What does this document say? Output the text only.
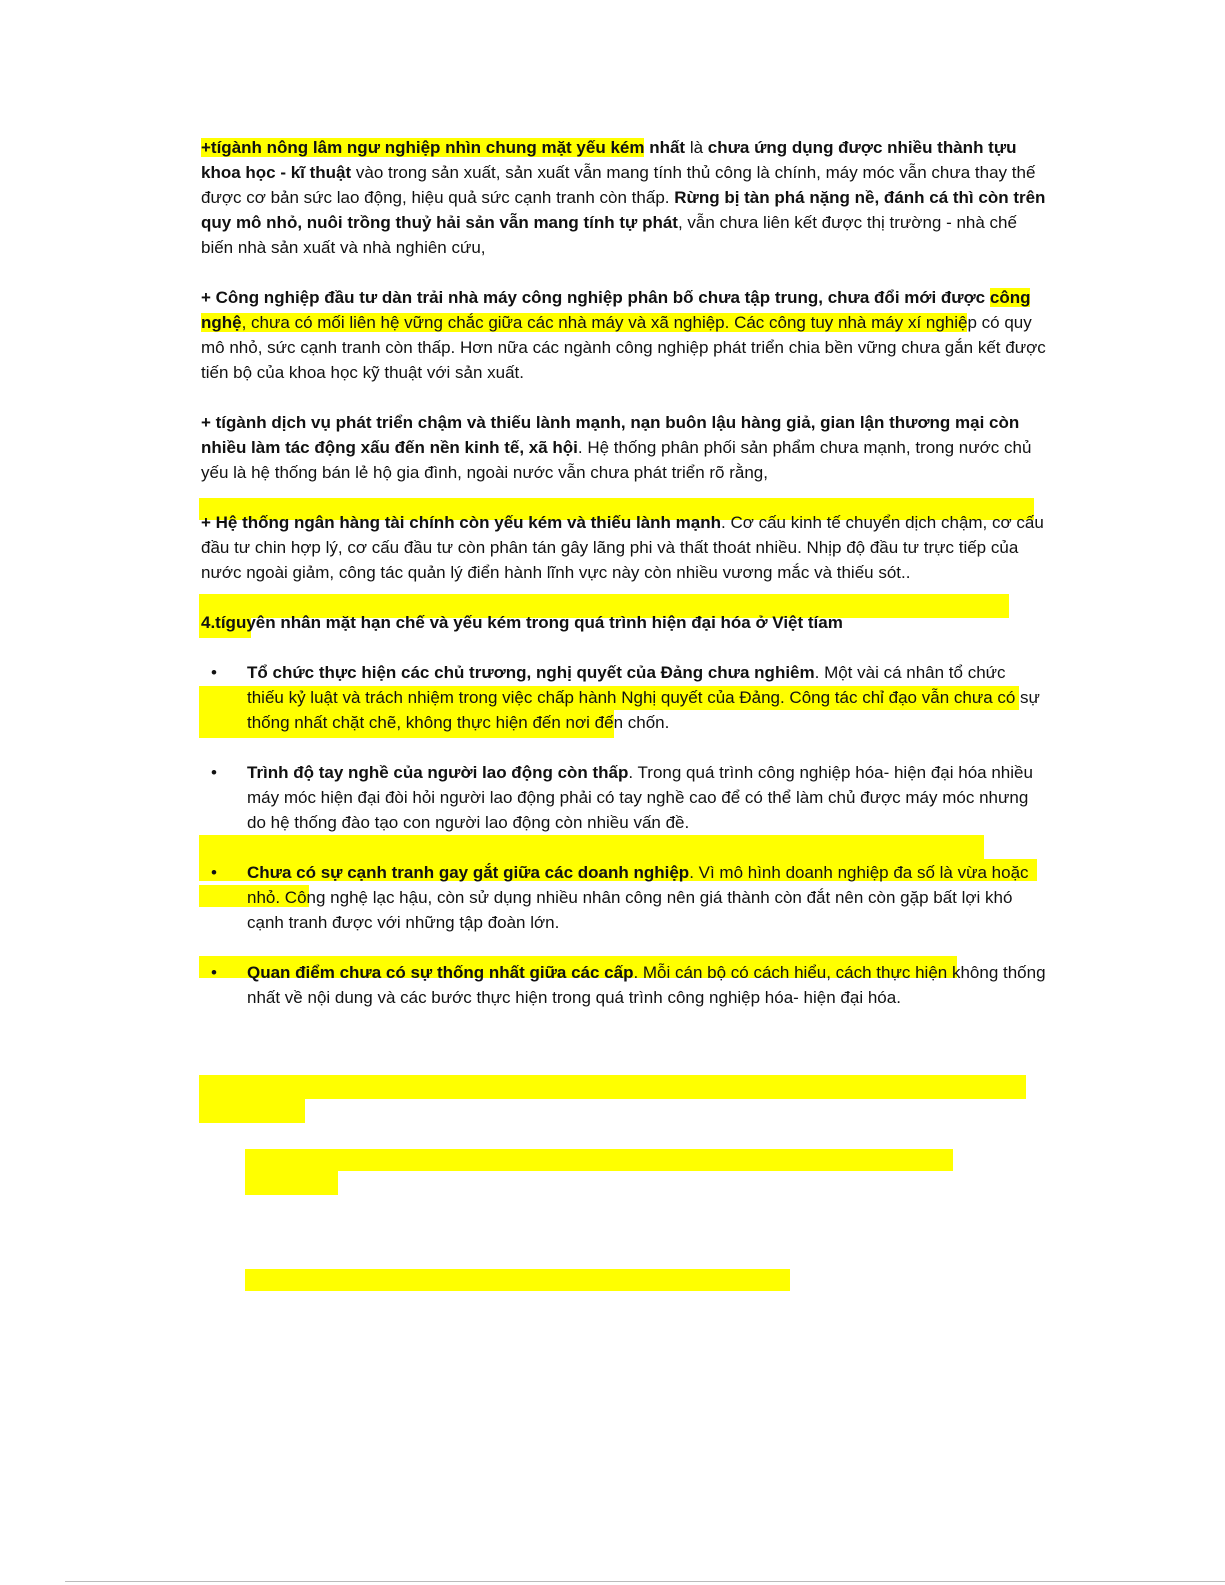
+tígành nông lâm ngư nghiệp nhìn chung mặt yếu kém nhất là chưa ứng dụng được nhiều thành tựu khoa học - kĩ thuật vào trong sản xuất, sản xuất vẫn mang tính thủ công là chính, máy móc vẫn chưa thay thế được cơ bản sức lao động, hiệu quả sức cạnh tranh còn thấp. Rừng bị tàn phá nặng nề, đánh cá thì còn trên quy mô nhỏ, nuôi trồng thuỷ hải sản vẫn mang tính tự phát, vẫn chưa liên kết được thị trường - nhà chế biến nhà sản xuất và nhà nghiên cứu,

+ Công nghiệp đầu tư dàn trải nhà máy công nghiệp phân bố chưa tập trung, chưa đổi mới được công nghệ, chưa có mối liên hệ vững chắc giữa các nhà máy và xã nghiệp. Các công tuy nhà máy xí nghiệp có quy mô nhỏ, sức cạnh tranh còn thấp. Hơn nữa các ngành công nghiệp phát triển chia bền vững chưa gắn kết được tiến bộ của khoa học kỹ thuật với sản xuất.

+ tígành dịch vụ phát triển chậm và thiếu lành mạnh, nạn buôn lậu hàng giả, gian lận thương mại còn nhiều làm tác động xấu đến nền kinh tế, xã hội. Hệ thống phân phối sản phẩm chưa mạnh, trong nước chủ yếu là hệ thống bán lẻ hộ gia đình, ngoài nước vẫn chưa phát triển rõ rằng,

+ Hệ thống ngân hàng tài chính còn yếu kém và thiếu lành mạnh. Cơ cấu kinh tế chuyển dịch chậm, cơ cấu đầu tư chin hợp lý, cơ cấu đầu tư còn phân tán gây lãng phi và thất thoát nhiều. Nhịp độ đầu tư trực tiếp của nước ngoài giảm, công tác quản lý điển hành lĩnh vực này còn nhiều vương mắc và thiếu sót..

4.tíguyên nhân mặt hạn chế và yếu kém trong quá trình hiện đại hóa ở Việt tíam

• Tổ chức thực hiện các chủ trương, nghị quyết của Đảng chưa nghiêm. Một vài cá nhân tổ chức thiếu kỷ luật và trách nhiệm trong việc chấp hành Nghị quyết của Đảng. Công tác chỉ đạo vẫn chưa có sự thống nhất chặt chẽ, không thực hiện đến nơi đến chốn.
• Trình độ tay nghề của người lao động còn thấp. Trong quá trình công nghiệp hóa- hiện đại hóa nhiều máy móc hiện đại đòi hỏi người lao động phải có tay nghề cao để có thể làm chủ được máy móc nhưng do hệ thống đào tạo con người lao động còn nhiều vấn đề.
• Chưa có sự cạnh tranh gay gắt giữa các doanh nghiệp. Vì mô hình doanh nghiệp đa số là vừa hoặc nhỏ. Công nghệ lạc hậu, còn sử dụng nhiều nhân công nên giá thành còn đắt nên còn gặp bất lợi khó cạnh tranh được với những tập đoàn lớn.
• Quan điểm chưa có sự thống nhất giữa các cấp. Mỗi cán bộ có cách hiểu, cách thực hiện không thống nhất về nội dung và các bước thực hiện trong quá trình công nghiệp hóa- hiện đại hóa.
